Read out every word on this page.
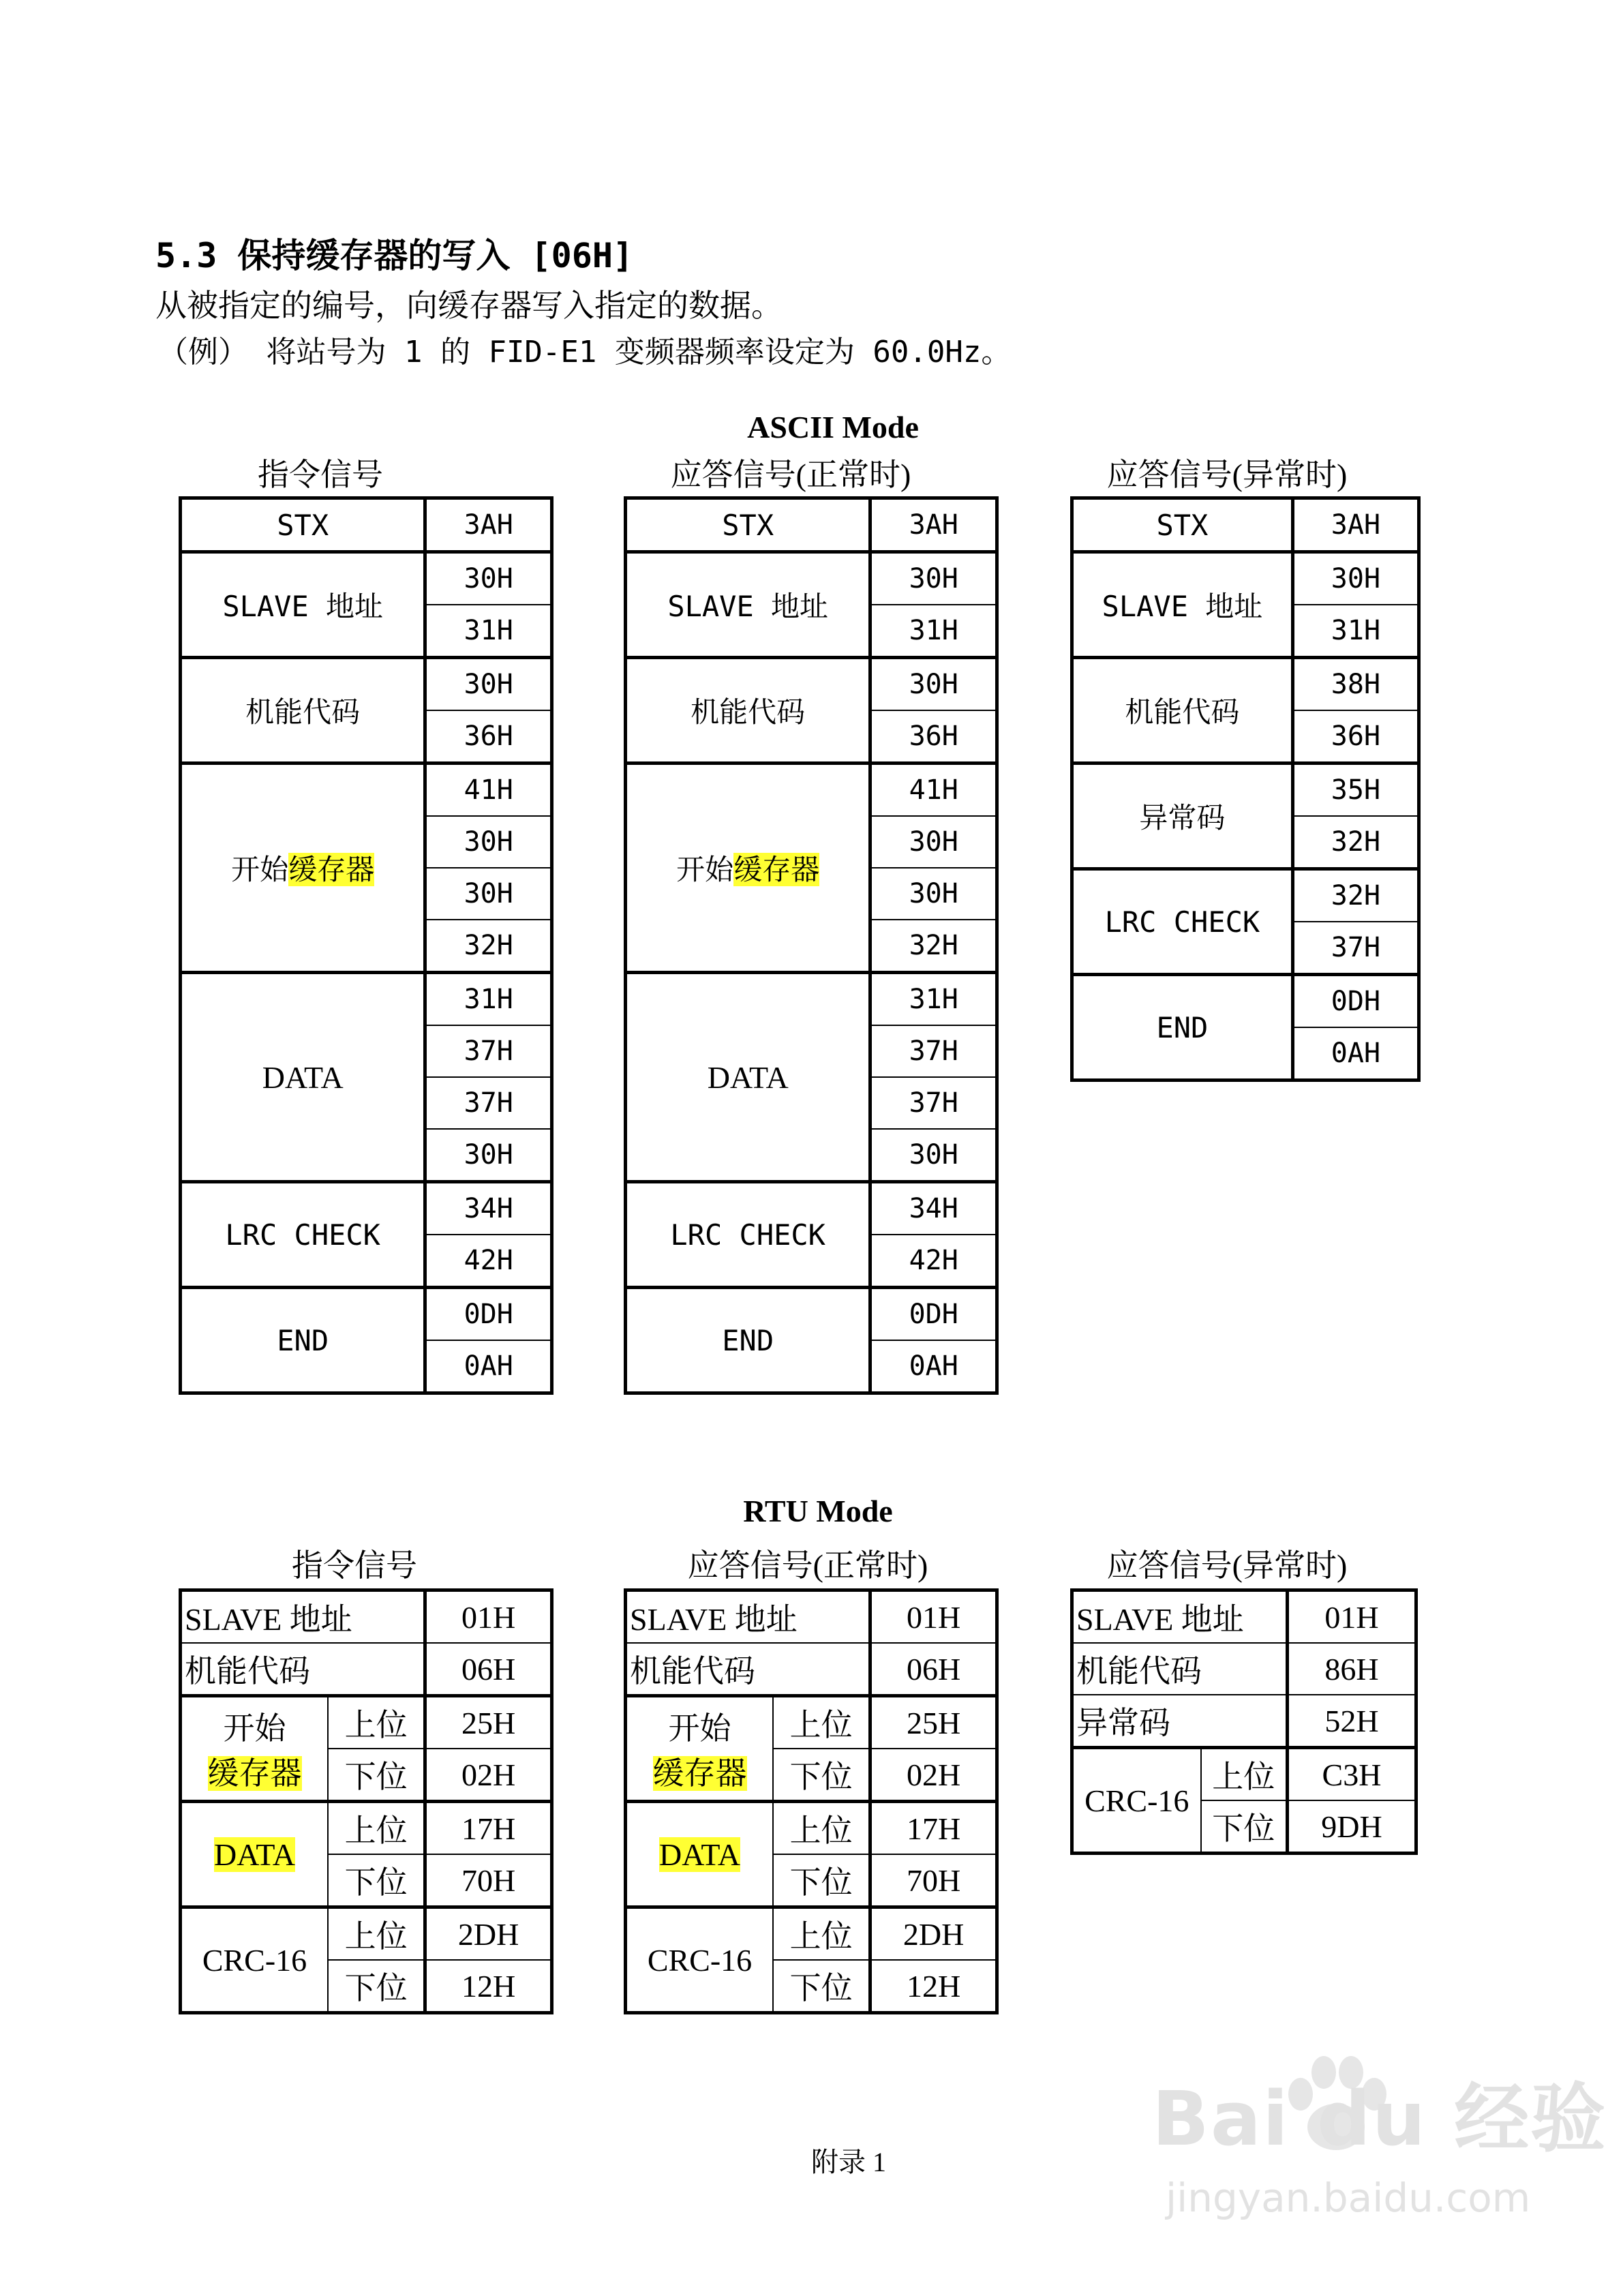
5.3 保持缓存器的写入 [06H]
从被指定的编号，向缓存器写入指定的数据。
（例） 将站号为 1 的 FID-E1 变频器频率设定为 60.0Hz。
ASCII Mode
指令信号	应答信号(正常时)	应答信号(异常时)
STX	3AH
SLAVE 地址	30H
	31H
机能代码	30H
	36H
开始缓存器	41H
	30H
	30H
	32H
DATA	31H
	37H
	37H
	30H
LRC CHECK	34H
	42H
END	0DH
	0AH
STX	3AH
SLAVE 地址	30H
	31H
机能代码	30H
	36H
开始缓存器	41H
	30H
	30H
	32H
DATA	31H
	37H
	37H
	30H
LRC CHECK	34H
	42H
END	0DH
	0AH
STX	3AH
SLAVE 地址	30H
	31H
机能代码	38H
	36H
异常码	35H
	32H
LRC CHECK	32H
	37H
END	0DH
	0AH
RTU Mode
指令信号	应答信号(正常时)	应答信号(异常时)
SLAVE 地址		01H
机能代码		06H

开始
缓存器	上位	25H
	下位	02H
DATA	上位	17H
	下位	70H
CRC-16	上位	2DH
	下位	12H
SLAVE 地址		01H
机能代码		06H

开始
缓存器	上位	25H
	下位	02H
DATA	上位	17H
	下位	70H
CRC-16	上位	2DH
	下位	12H
SLAVE 地址		01H
机能代码		86H
异常码		52H
CRC-16	上位	C3H
	下位	9DH
附录 1	Bai du 经验
jingyan.baidu.com
